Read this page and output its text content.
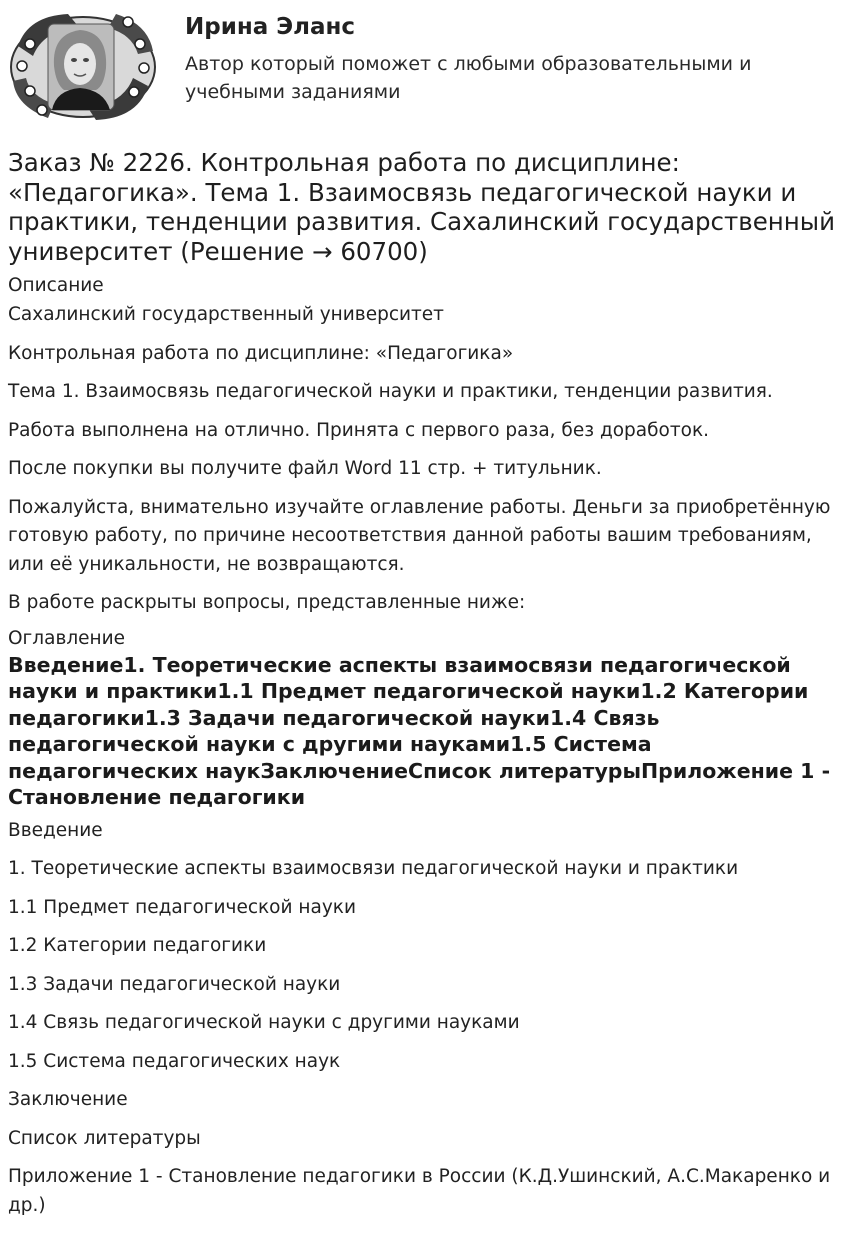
Ирина Эланс
Автор который поможет с любыми образовательными и учебными заданиями
Заказ № 2226. Контрольная работа по дисциплине: «Педагогика». Тема 1. Взаимосвязь педагогической науки и практики, тенденции развития. Сахалинский государственный университет (Решение → 60700)
Описание

Сахалинский государственный университет

Контрольная работа по дисциплине: «Педагогика»

Тема 1. Взаимосвязь педагогической науки и практики, тенденции развития.

Работа выполнена на отлично. Принята с первого раза, без доработок.

После покупки вы получите файл Word 11 стр. + титульник.

Пожалуйста, внимательно изучайте оглавление работы. Деньги за приобретённую готовую работу, по причине несоответствия данной работы вашим требованиям, или её уникальности, не возвращаются.

В работе раскрыты вопросы, представленные ниже:

Оглавление
Введение1. Теоретические аспекты взаимосвязи педагогической науки и практики1.1 Предмет педагогической науки1.2 Категории педагогики1.3 Задачи педагогической науки1.4 Связь педагогической науки с другими науками1.5 Система педагогических наукЗаключениеСписок литературыПриложение 1 - Становление педагогики

Введение

1. Теоретические аспекты взаимосвязи педагогической науки и практики

1.1 Предмет педагогической науки

1.2 Категории педагогики

1.3 Задачи педагогической науки

1.4 Связь педагогической науки с другими науками

1.5 Система педагогических наук

Заключение

Список литературы

Приложение 1 - Становление педагогики в России (К.Д.Ушинский, А.С.Макаренко и др.)
